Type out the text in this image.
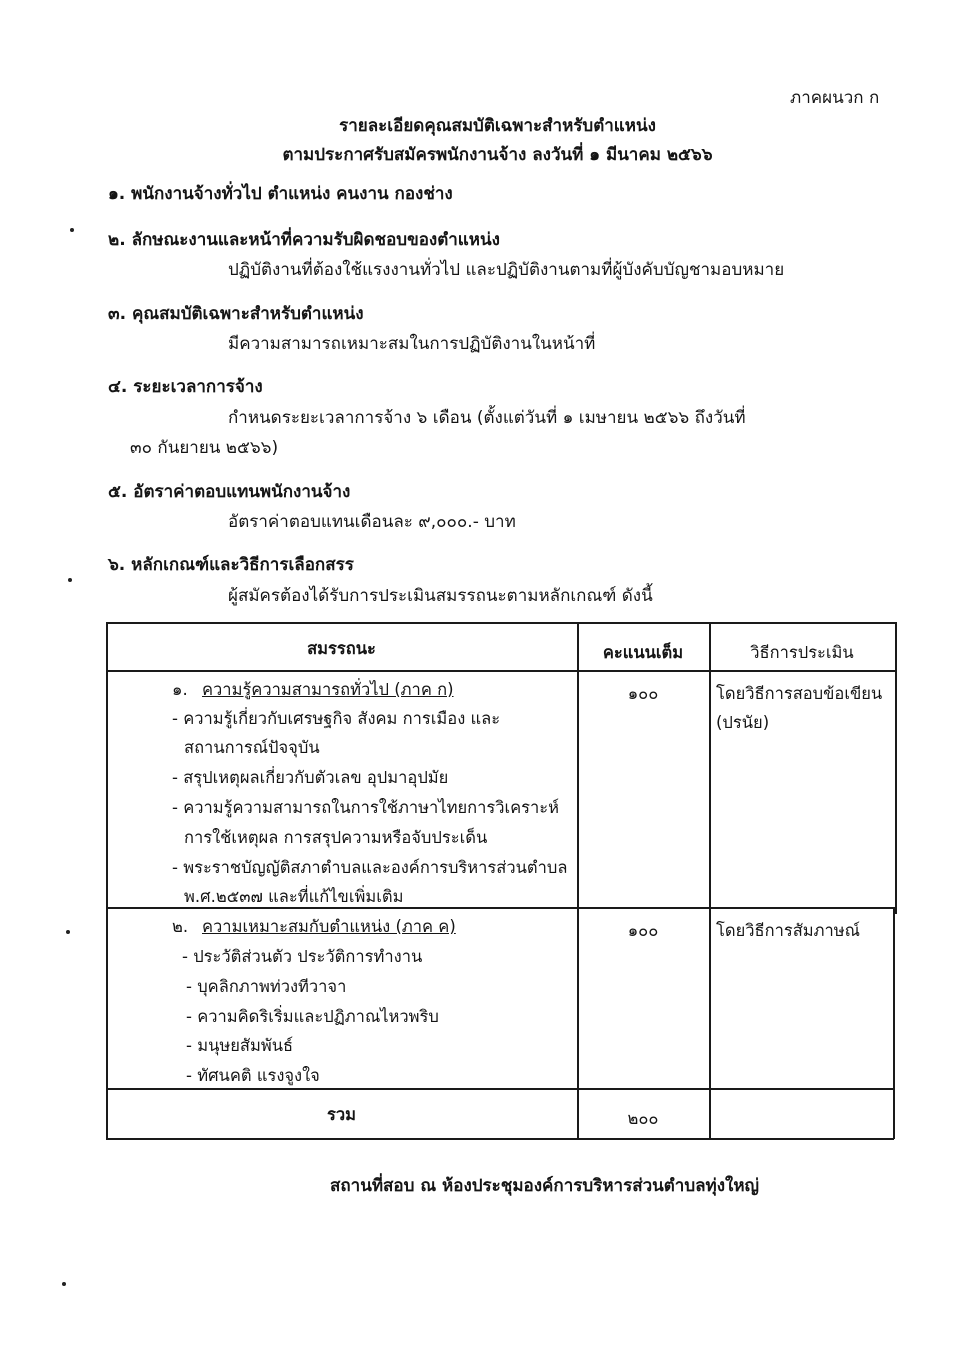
ภาคผนวก ก
รายละเอียดคุณสมบัติเฉพาะสำหรับตำแหน่ง
ตามประกาศรับสมัครพนักงานจ้าง ลงวันที่ ๑ มีนาคม ๒๕๖๖
๑. พนักงานจ้างทั่วไป ตำแหน่ง คนงาน กองช่าง
๒. ลักษณะงานและหน้าที่ความรับผิดชอบของตำแหน่ง
ปฏิบัติงานที่ต้องใช้แรงงานทั่วไป และปฏิบัติงานตามที่ผู้บังคับบัญชามอบหมาย
๓. คุณสมบัติเฉพาะสำหรับตำแหน่ง
มีความสามารถเหมาะสมในการปฏิบัติงานในหน้าที่
๔. ระยะเวลาการจ้าง
กำหนดระยะเวลาการจ้าง ๖ เดือน (ตั้งแต่วันที่ ๑ เมษายน ๒๕๖๖ ถึงวันที่
๓๐ กันยายน ๒๕๖๖)
๕. อัตราค่าตอบแทนพนักงานจ้าง
อัตราค่าตอบแทนเดือนละ ๙,๐๐๐.- บาท
๖. หลักเกณฑ์และวิธีการเลือกสรร
ผู้สมัครต้องได้รับการประเมินสมรรถนะตามหลักเกณฑ์ ดังนี้
สมรรถนะ	คะแนนเต็ม	วิธีการประเมิน
๑. ความรู้ความสามารถทั่วไป (ภาค ก)
- ความรู้เกี่ยวกับเศรษฐกิจ สังคม การเมือง และ
สถานการณ์ปัจจุบัน
- สรุปเหตุผลเกี่ยวกับตัวเลข อุปมาอุปมัย
- ความรู้ความสามารถในการใช้ภาษาไทยการวิเคราะห์
การใช้เหตุผล การสรุปความหรือจับประเด็น
- พระราชบัญญัติสภาตำบลและองค์การบริหารส่วนตำบล
พ.ศ.๒๕๓๗ และที่แก้ไขเพิ่มเติม
๑๐๐	โดยวิธีการสอบข้อเขียน
(ปรนัย)
๒. ความเหมาะสมกับตำแหน่ง (ภาค ค)
- ประวัติส่วนตัว ประวัติการทำงาน
- บุคลิกภาพท่วงทีวาจา
- ความคิดริเริ่มและปฏิภาณไหวพริบ
- มนุษยสัมพันธ์
- ทัศนคติ แรงจูงใจ
๑๐๐	โดยวิธีการสัมภาษณ์
รวม	๒๐๐
สถานที่สอบ ณ ห้องประชุมองค์การบริหารส่วนตำบลทุ่งใหญ่
